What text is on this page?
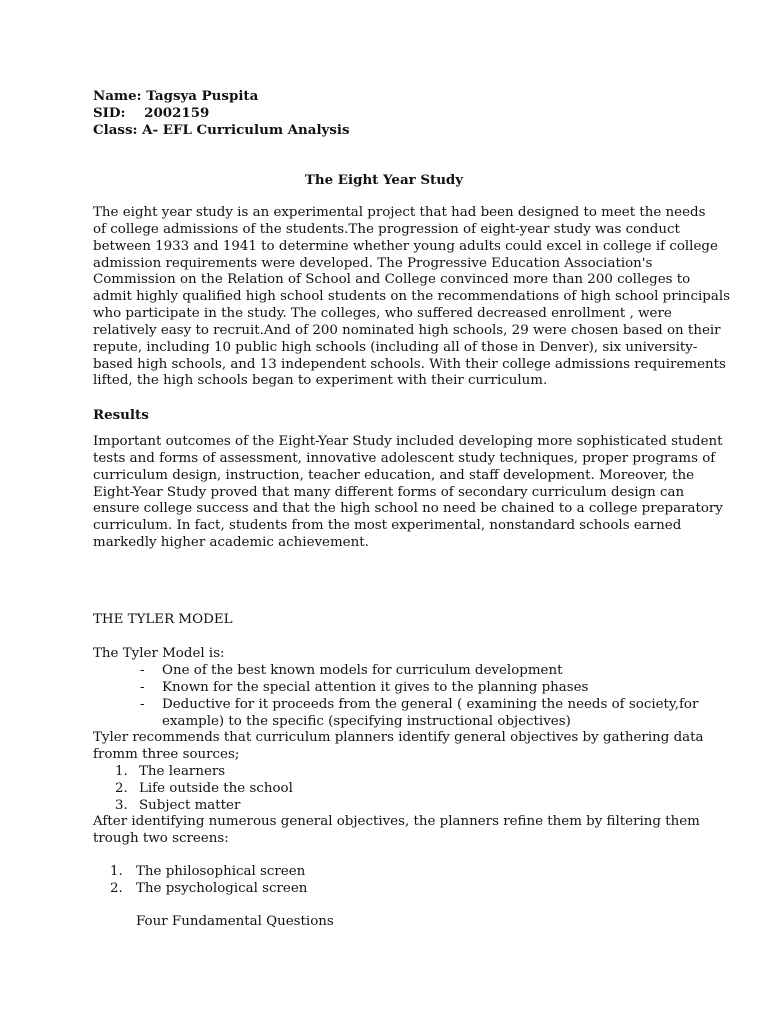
Name: Tagsya Puspita
SID: 2002159
Class: A- EFL Curriculum Analysis
The Eight Year Study
The eight year study is an experimental project that had been designed to meet the needs
of college admissions of the students.The progression of eight-year study was conduct
between 1933 and 1941 to determine whether young adults could excel in college if college
admission requirements were developed. The Progressive Education Association's
Commission on the Relation of School and College convinced more than 200 colleges to
admit highly qualified high school students on the recommendations of high school principals
who participate in the study. The colleges, who suffered decreased enrollment , were
relatively easy to recruit.And of 200 nominated high schools, 29 were chosen based on their
repute, including 10 public high schools (including all of those in Denver), six university-
based high schools, and 13 independent schools. With their college admissions requirements
lifted, the high schools began to experiment with their curriculum.
Results
Important outcomes of the Eight-Year Study included developing more sophisticated student
tests and forms of assessment, innovative adolescent study techniques, proper programs of
curriculum design, instruction, teacher education, and staff development. Moreover, the
Eight-Year Study proved that many different forms of secondary curriculum design can
ensure college success and that the high school no need be chained to a college preparatory
curriculum. In fact, students from the most experimental, nonstandard schools earned
markedly higher academic achievement.
THE TYLER MODEL
The Tyler Model is:
- One of the best known models for curriculum development
- Known for the special attention it gives to the planning phases
- Deductive for it proceeds from the general ( examining the needs of society,for
example) to the specific (specifying instructional objectives)
Tyler recommends that curriculum planners identify general objectives by gathering data
fromm three sources;
1. The learners
2. Life outside the school
3. Subject matter
After identifying numerous general objectives, the planners refine them by filtering them
trough two screens:
1. The philosophical screen
2. The psychological screen
Four Fundamental Questions
